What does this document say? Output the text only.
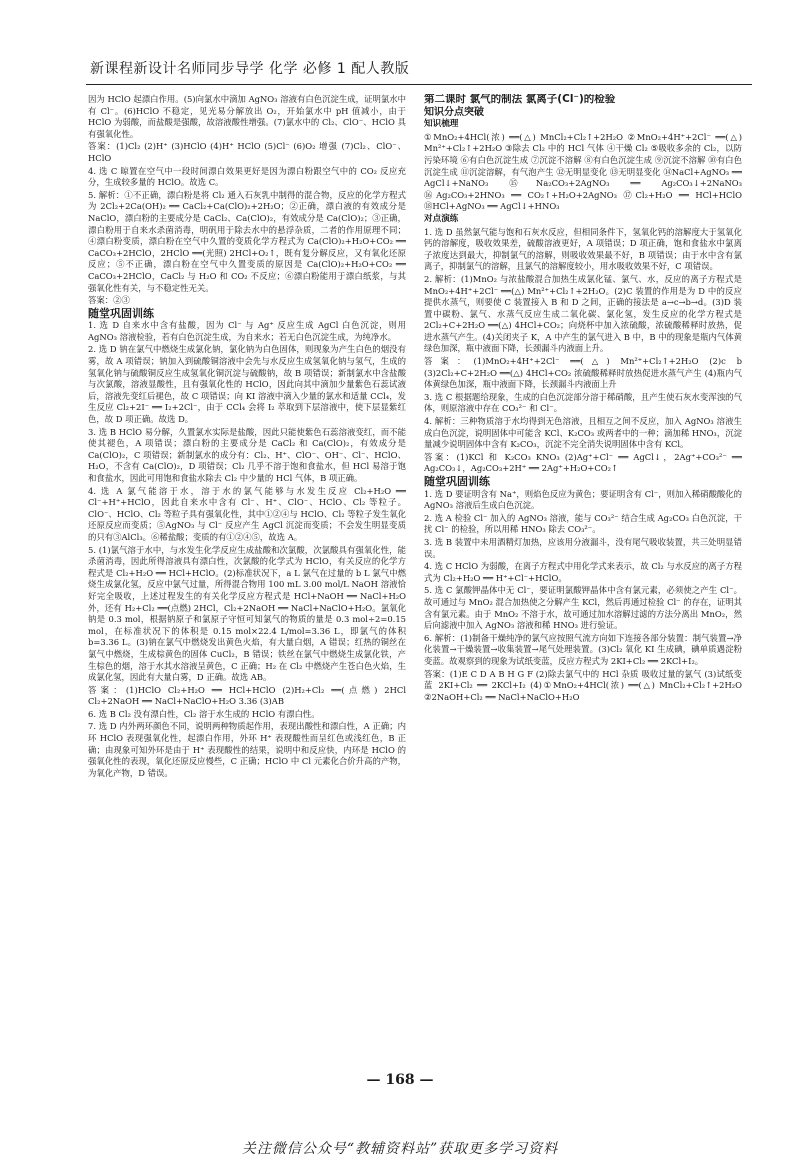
新课程新设计名师同步导学 化学 必修 1 配人教版

因为 HClO 起漂白作用。(5)向氯水中滴加 AgNO₃ 溶液有白色沉淀生成，证明氯水中有 Cl⁻。(6)HClO 不稳定，见光易分解放出 O₂，开始氯水中 pH 值减小，由于 HClO 为弱酸，而盐酸是强酸，故溶液酸性增强。(7)氯水中的 Cl₂、ClO⁻、HClO 具有强氧化性。

答案：(1)Cl₂ (2)H⁺ (3)HClO (4)H⁺ HClO (5)Cl⁻ (6)O₂ 增强 (7)Cl₂、ClO⁻、HClO

4. 选 C 晾置在空气中一段时间漂白效果更好是因为漂白粉跟空气中的 CO₂ 反应充分，生成较多量的 HClO。故选 C。

5. 解析：①不正确，漂白粉是将 Cl₂ 通入石灰乳中制得的混合物，反应的化学方程式为 2Cl₂+2Ca(OH)₂ ══ CaCl₂+Ca(ClO)₂+2H₂O；②正确，漂白液的有效成分是 NaClO，漂白粉的主要成分是 CaCl₂、Ca(ClO)₂，有效成分是 Ca(ClO)₂；③正确，漂白粉用于自来水杀菌消毒，明矾用于除去水中的悬浮杂质，二者的作用原理不同；④漂白粉变质，漂白粉在空气中久置的变质化学方程式为 Ca(ClO)₂+H₂O+CO₂ ══ CaCO₃+2HClO，2HClO ══(光照) 2HCl+O₂↑，既有复分解反应，又有氧化还原反应；⑤不正确，漂白粉在空气中久置变质的原因是 Ca(ClO)₂+H₂O+CO₂ ══ CaCO₃+2HClO，CaCl₂ 与 H₂O 和 CO₂ 不反应；⑥漂白粉能用于漂白纸浆，与其强氧化性有关，与不稳定性无关。

答案：②③

随堂巩固训练

1. 选 D 自来水中含有盐酸，因为 Cl⁻ 与 Ag⁺ 反应生成 AgCl 白色沉淀，则用 AgNO₃ 溶液检验，若有白色沉淀生成，为自来水；若无白色沉淀生成，为纯净水。

2. 选 D 钠在氯气中燃烧生成氯化钠，氯化钠为白色固体，则现象为产生白色的烟没有雾，故 A 项错误；钠加入到硫酸铜溶液中会先与水反应生成氢氧化钠与氢气，生成的氢氧化钠与硫酸铜反应生成氢氧化铜沉淀与硫酸钠，故 B 项错误；新制氯水中含盐酸与次氯酸，溶液显酸性，且有强氧化性的 HClO，因此向其中滴加少量紫色石蕊试液后，溶液先变红后褪色，故 C 项错误；向 KI 溶液中滴入少量的氯水和适量 CCl₄，发生反应 Cl₂+2I⁻ ══ I₂+2Cl⁻，由于 CCl₄ 会将 I₂ 萃取到下层溶液中，使下层显紫红色，故 D 项正确。故选 D。

3. 选 B HClO 易分解，久置氯水实际是盐酸，因此只能使紫色石蕊溶液变红，而不能使其褪色，A 项错误；漂白粉的主要成分是 CaCl₂ 和 Ca(ClO)₂，有效成分是 Ca(ClO)₂，C 项错误；新制氯水的成分有：Cl₂、H⁺、ClO⁻、OH⁻、Cl⁻、HClO、H₂O，不含有 Ca(ClO)₂，D 项错误；Cl₂ 几乎不溶于饱和食盐水，但 HCl 易溶于饱和食盐水，因此可用饱和食盐水除去 Cl₂ 中少量的 HCl 气体，B 项正确。

4. 选 A 氯气能溶于水，溶于水的氯气能够与水发生反应 Cl₂+H₂O ══ Cl⁻+H⁺+HClO，因此自来水中含有 Cl⁻、H⁺、ClO⁻、HClO、Cl₂ 等粒子。ClO⁻、HClO、Cl₂ 等粒子具有强氧化性，其中①②④与 HClO、Cl₂ 等粒子发生氧化还原反应而变质；⑤AgNO₃ 与 Cl⁻ 反应产生 AgCl 沉淀而变质；不会发生明显变质的只有③AlCl₃。⑥稀盐酸；变质的有①②④⑤，故选 A。

5. (1)氯气溶于水中，与水发生化学反应生成盐酸和次氯酸，次氯酸具有强氧化性，能杀菌消毒，因此所得溶液具有漂白性，次氯酸的化学式为 HClO，有关反应的化学方程式是 Cl₂+H₂O ══ HCl+HClO。(2)标准状况下，a L 氯气在过量的 b L 氯气中燃烧生成氯化氢，反应中氯气过量，所得混合物用 100 mL 3.00 mol/L NaOH 溶液恰好完全吸收，上述过程发生的有关化学反应方程式是 HCl+NaOH ══ NaCl+H₂O 外，还有 H₂+Cl₂ ══(点燃) 2HCl，Cl₂+2NaOH ══ NaCl+NaClO+H₂O。氯氧化钠是 0.3 mol，根据钠原子和氯原子守恒可知氯气的物质的量是 0.3 mol÷2=0.15 mol，在标准状况下的体积是 0.15 mol×22.4 L/mol=3.36 L，即氯气的体积 b=3.36 L。(3)钠在氯气中燃烧发出黄色火焰，有大量白烟，A 错误；红热的铜丝在氯气中燃烧，生成棕黄色的固体 CuCl₂，B 错误；铁丝在氯气中燃烧生成氯化铁，产生棕色的烟，溶于水其水溶液呈黄色，C 正确；H₂ 在 Cl₂ 中燃烧产生苍白色火焰，生成氯化氢，因此有大量白雾，D 正确。故选 AB。

答案：(1)HClO Cl₂+H₂O ══ HCl+HClO (2)H₂+Cl₂ ══(点燃) 2HCl Cl₂+2NaOH ══ NaCl+NaClO+H₂O 3.36 (3)AB

6. 选 B Cl₂ 没有漂白性，Cl₂ 溶于水生成的 HClO 有漂白性。

7. 选 D 内外两环颜色不同，说明两种物质起作用，表现出酸性和漂白性，A 正确；内环 HClO 表现强氧化性，起漂白作用，外环 H⁺ 表现酸性而呈红色或浅红色，B 正确；由现象可知外环是由于 H⁺ 表现酸性的结果，说明中和反应快，内环是 HClO 的强氧化性的表现，氧化还原反应慢些，C 正确；HClO 中 Cl 元素化合价升高的产物，为氧化产物，D 错误。

第二课时 氯气的制法 氯离子(Cl⁻)的检验

知识分点突破

知识梳理

①MnO₂+4HCl(浓) ══(△) MnCl₂+Cl₂↑+2H₂O ②MnO₂+4H⁺+2Cl⁻ ══(△) Mn²⁺+Cl₂↑+2H₂O ③除去 Cl₂ 中的 HCl 气体 ④干燥 Cl₂ ⑤吸收多余的 Cl₂，以防污染环境 ⑥有白色沉淀生成 ⑦沉淀不溶解 ⑧有白色沉淀生成 ⑨沉淀不溶解 ⑩有白色沉淀生成 ⑪沉淀溶解，有气泡产生 ⑫无明显变化 ⑬无明显变化 ⑭NaCl+AgNO₃ ══ AgCl↓+NaNO₃ ⑮Na₂CO₃+2AgNO₃ ══ Ag₂CO₃↓+2NaNO₃ ⑯Ag₂CO₃+2HNO₃ ══ CO₂↑+H₂O+2AgNO₃ ⑰Cl₂+H₂O ══ HCl+HClO ⑱HCl+AgNO₃ ══ AgCl↓+HNO₃

对点演练

1. 选 D 虽然氯气能与饱和石灰水反应，但相同条件下，氢氧化钙的溶解度大于氢氧化钙的溶解度，吸收效果差，硫酸溶液更好，A 项错误；D 项正确，饱和食盐水中氯离子浓度达到最大，抑制氯气的溶解，则吸收效果最不好，B 项错误；由于水中含有氯离子，抑制氯气的溶解，且氯气的溶解度较小，用水吸收效果不好，C 项错误。

2. 解析：(1)MnO₂ 与浓盐酸混合加热生成氯化锰、氯气、水，反应的离子方程式是 MnO₂+4H⁺+2Cl⁻ ══(△) Mn²⁺+Cl₂↑+2H₂O。(2)C 装置的作用是为 D 中的反应提供水蒸气，则要使 C 装置接入 B 和 D 之间，正确的接法是 a→c→b→d。(3)D 装置中碳粉、氯气、水蒸气反应生成二氧化碳、氯化氢，发生反应的化学方程式是 2Cl₂+C+2H₂O ══(△) 4HCl+CO₂；向烧杯中加入浓硫酸，浓硫酸稀释时放热，促进水蒸气产生。(4)关闭夹子 K，A 中产生的氯气进入 B 中，B 中的现象是瓶内气体黄绿色加深，瓶中液面下降，长颈漏斗内液面上升。

答案：(1)MnO₂+4H⁺+2Cl⁻ ══(△) Mn²⁺+Cl₂↑+2H₂O (2)c b (3)2Cl₂+C+2H₂O ══(△) 4HCl+CO₂ 浓硫酸稀释时放热促进水蒸气产生 (4)瓶内气体黄绿色加深，瓶中液面下降，长颈漏斗内液面上升

3. 选 C 根据题给现象，生成的白色沉淀部分溶于稀硝酸，且产生使石灰水变浑浊的气体，则原溶液中存在 CO₃²⁻ 和 Cl⁻。

4. 解析：三种物质溶于水均得到无色溶液，且相互之间不反应，加入 AgNO₃ 溶液生成白色沉淀，说明固体中可能含 KCl、K₂CO₃ 或两者中的一种；滴加稀 HNO₃，沉淀量减少说明固体中含有 K₂CO₃，沉淀不完全消失说明固体中含有 KCl。

答案：(1)KCl 和 K₂CO₃ KNO₃ (2)Ag⁺+Cl⁻ ══ AgCl↓，2Ag⁺+CO₃²⁻ ══ Ag₂CO₃↓，Ag₂CO₃+2H⁺ ══ 2Ag⁺+H₂O+CO₂↑

随堂巩固训练

1. 选 D 要证明含有 Na⁺，则焰色反应为黄色；要证明含有 Cl⁻，则加入稀硝酸酸化的 AgNO₃ 溶液后生成白色沉淀。

2. 选 A 检验 Cl⁻ 加入的 AgNO₃ 溶液，能与 CO₃²⁻ 结合生成 Ag₂CO₃ 白色沉淀，干扰 Cl⁻ 的检验，所以用稀 HNO₃ 除去 CO₃²⁻。

3. 选 B 装置中未用酒精灯加热，应该用分液漏斗，没有尾气吸收装置，共三处明显错误。

4. 选 C HClO 为弱酸，在离子方程式中用化学式来表示，故 Cl₂ 与水反应的离子方程式为 Cl₂+H₂O ══ H⁺+Cl⁻+HClO。

5. 选 C 氯酸钾晶体中无 Cl⁻，要证明氯酸钾晶体中含有氯元素，必须使之产生 Cl⁻。故可通过与 MnO₂ 混合加热使之分解产生 KCl，然后再通过检验 Cl⁻ 的存在，证明其含有氯元素。由于 MnO₂ 不溶于水，故可通过加水溶解过滤的方法分离出 MnO₂，然后向滤液中加入 AgNO₃ 溶液和稀 HNO₃ 进行验证。

6. 解析：(1)制备干燥纯净的氯气应按照气流方向如下连接各部分装置：制气装置→净化装置→干燥装置→收集装置→尾气处理装置。(3)Cl₂ 氧化 KI 生成碘，碘单质遇淀粉变蓝。故观察到的现象为试纸变蓝，反应方程式为 2KI+Cl₂ ══ 2KCl+I₂。

答案：(1)E C D A B H G F (2)除去氯气中的 HCl 杂质 吸收过量的氯气 (3)试纸变蓝 2KI+Cl₂ ══ 2KCl+I₂ (4)①MnO₂+4HCl(浓) ══(△) MnCl₂+Cl₂↑+2H₂O ②2NaOH+Cl₂ ══ NaCl+NaClO+H₂O

— 168 —
关注微信公众号“教辅资料站”获取更多学习资料
